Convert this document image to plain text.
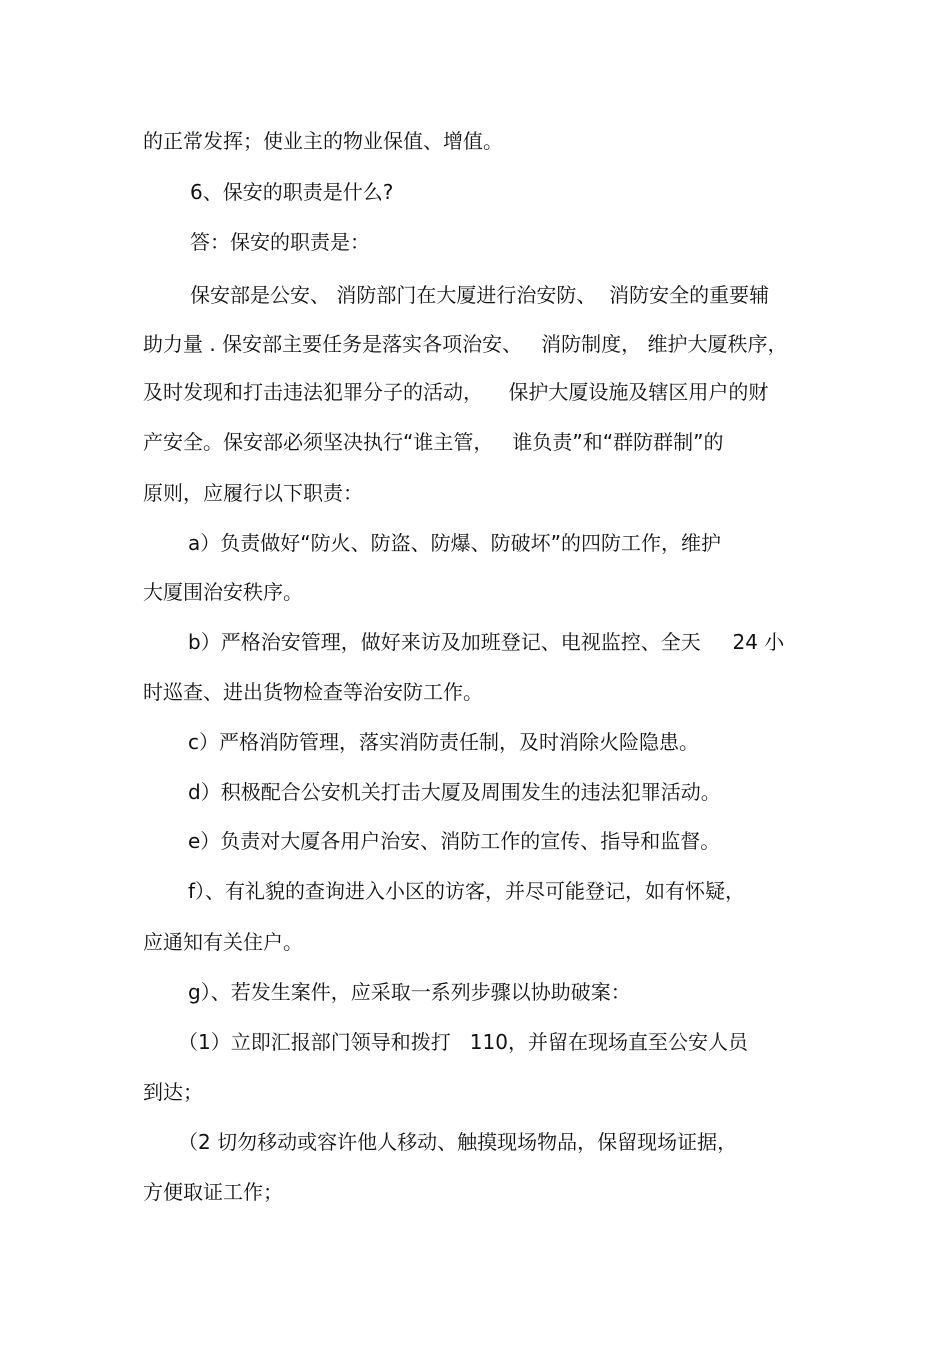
的正常发挥；使业主的物业保值、增值。
6、保安的职责是什么?
答：保安的职责是：
保安部是公安、 消防部门在大厦进行治安防、  消防安全的重要辅
助力量 . 保安部主要任务是落实各项治安、   消防制度， 维护大厦秩序，
及时发现和打击违法犯罪分子的活动，    保护大厦设施及辖区用户的财
产安全。保安部必须坚决执行“谁主管，   谁负责”和“群防群制”的
原则，应履行以下职责：
a）负责做好“防火、防盗、防爆、防破坏”的四防工作，维护
大厦围治安秩序。
b）严格治安管理，做好来访及加班登记、电视监控、全天     24 小
时巡查、进出货物检查等治安防工作。
c）严格消防管理，落实消防责任制，及时消除火险隐患。
d）积极配合公安机关打击大厦及周围发生的违法犯罪活动。
e）负责对大厦各用户治安、消防工作的宣传、指导和监督。
f）、有礼貌的查询进入小区的访客，并尽可能登记，如有怀疑，
应通知有关住户。
g）、若发生案件，应采取一系列步骤以协助破案：
（1）立即汇报部门领导和拨打   110，并留在现场直至公安人员
到达；
（2 切勿移动或容许他人移动、触摸现场物品，保留现场证据，
方便取证工作；
